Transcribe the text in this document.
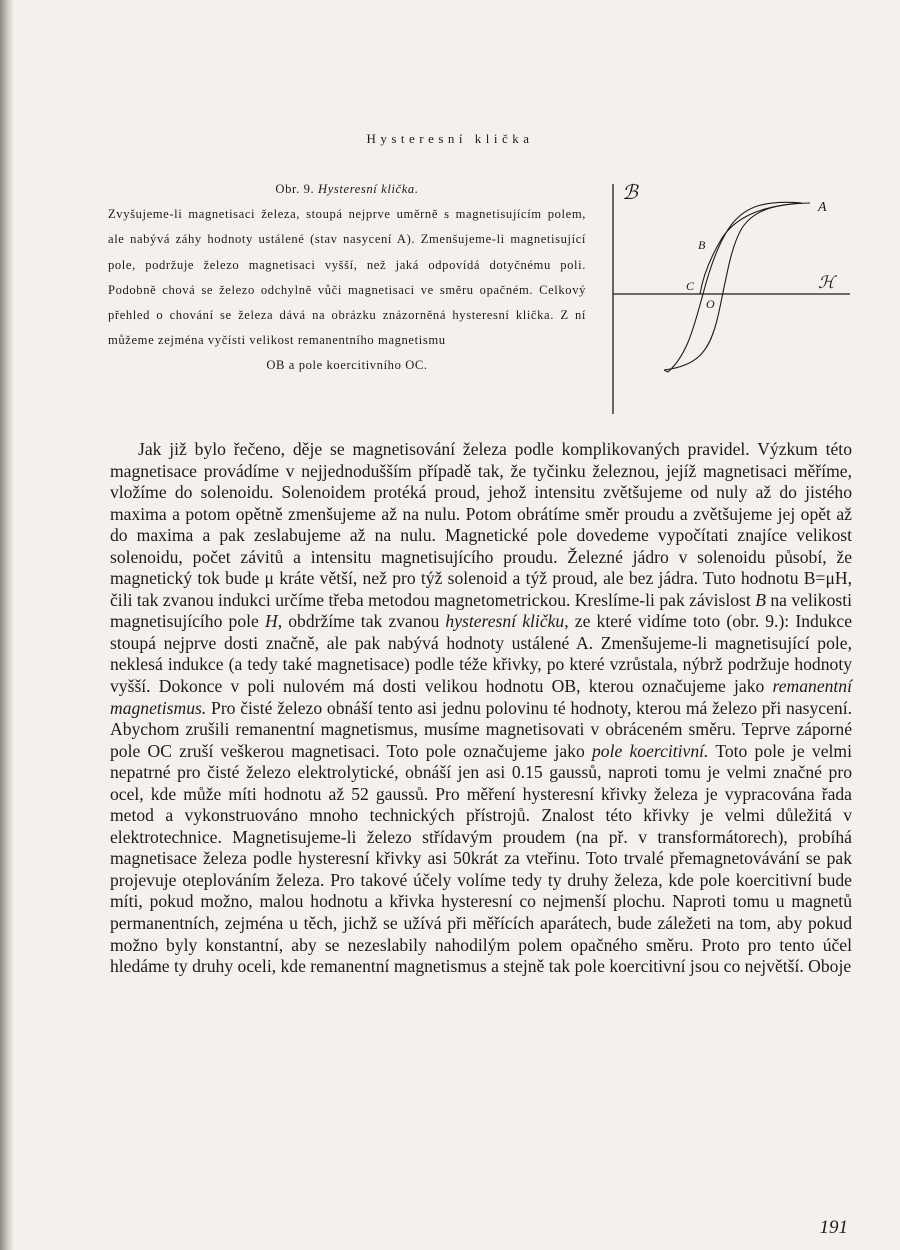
Hysteresní klička
Obr. 9. Hysteresní klička.
Zvyšujeme-li magnetisaci železa, stoupá nejprve uměrně s magnetisujícím polem, ale nabývá záhy hodnoty ustálené (stav nasycení A). Zmenšujeme-li magnetisující pole, podržuje železo magnetisaci vyšší, než jaká odpovídá dotyčnému poli. Podobně chová se železo odchylně vůči magnetisaci ve směru opačném. Celkový přehled o chování se železa dává na obrázku znázorněná hysteresní klička. Z ní můžeme zejména vyčísti velikost remanentního magnetismu
OB a pole koercitivního OC.
ℬ
A
B
C
O
ℋ

Jak již bylo řečeno, děje se magnetisování železa podle komplikovaných pravidel. Výzkum této magnetisace provádíme v nejjednodušším případě tak, že tyčinku železnou, jejíž magnetisaci měříme, vložíme do solenoidu. Solenoidem protéká proud, jehož intensitu zvětšujeme od nuly až do jistého maxima a potom opětně zmenšujeme až na nulu. Potom obrátíme směr proudu a zvětšujeme jej opět až do maxima a pak zeslabujeme až na nulu. Magnetické pole dovedeme vypočítati znajíce velikost solenoidu, počet závitů a intensitu magnetisujícího proudu. Železné jádro v solenoidu působí, že magnetický tok bude μ kráte větší, než pro týž solenoid a týž proud, ale bez jádra. Tuto hodnotu B=μH, čili tak zvanou indukci určíme třeba metodou magnetometrickou. Kreslíme-li pak závislost B na velikosti magnetisujícího pole H, obdržíme tak zvanou hysteresní kličku, ze které vidíme toto (obr. 9.): Indukce stoupá nejprve dosti značně, ale pak nabývá hodnoty ustálené A. Zmenšujeme-li magnetisující pole, neklesá indukce (a tedy také magnetisace) podle téže křivky, po které vzrůstala, nýbrž podržuje hodnoty vyšší. Dokonce v poli nulovém má dosti velikou hodnotu OB, kterou označujeme jako remanentní magnetismus. Pro čisté železo obnáší tento asi jednu polovinu té hodnoty, kterou má železo při nasycení. Abychom zrušili remanentní magnetismus, musíme magnetisovati v obráceném směru. Teprve záporné pole OC zruší veškerou magnetisaci. Toto pole označujeme jako pole koercitivní. Toto pole je velmi nepatrné pro čisté železo elektrolytické, obnáší jen asi 0.15 gaussů, naproti tomu je velmi značné pro ocel, kde může míti hodnotu až 52 gaussů. Pro měření hysteresní křivky železa je vypracována řada metod a vykonstruováno mnoho technických přístrojů. Znalost této křivky je velmi důležitá v elektrotechnice. Magnetisujeme-li železo střídavým proudem (na př. v transformátorech), probíhá magnetisace železa podle hysteresní křivky asi 50krát za vteřinu. Toto trvalé přemagnetovávání se pak projevuje oteplováním železa. Pro takové účely volíme tedy ty druhy železa, kde pole koercitivní bude míti, pokud možno, malou hodnotu a křivka hysteresní co nejmenší plochu. Naproti tomu u magnetů permanentních, zejména u těch, jichž se užívá při měřících aparátech, bude záležeti na tom, aby pokud možno byly konstantní, aby se nezeslabily nahodilým polem opačného směru. Proto pro tento účel hledáme ty druhy oceli, kde remanentní magnetismus a stejně tak pole koercitivní jsou co největší. Oboje

191
